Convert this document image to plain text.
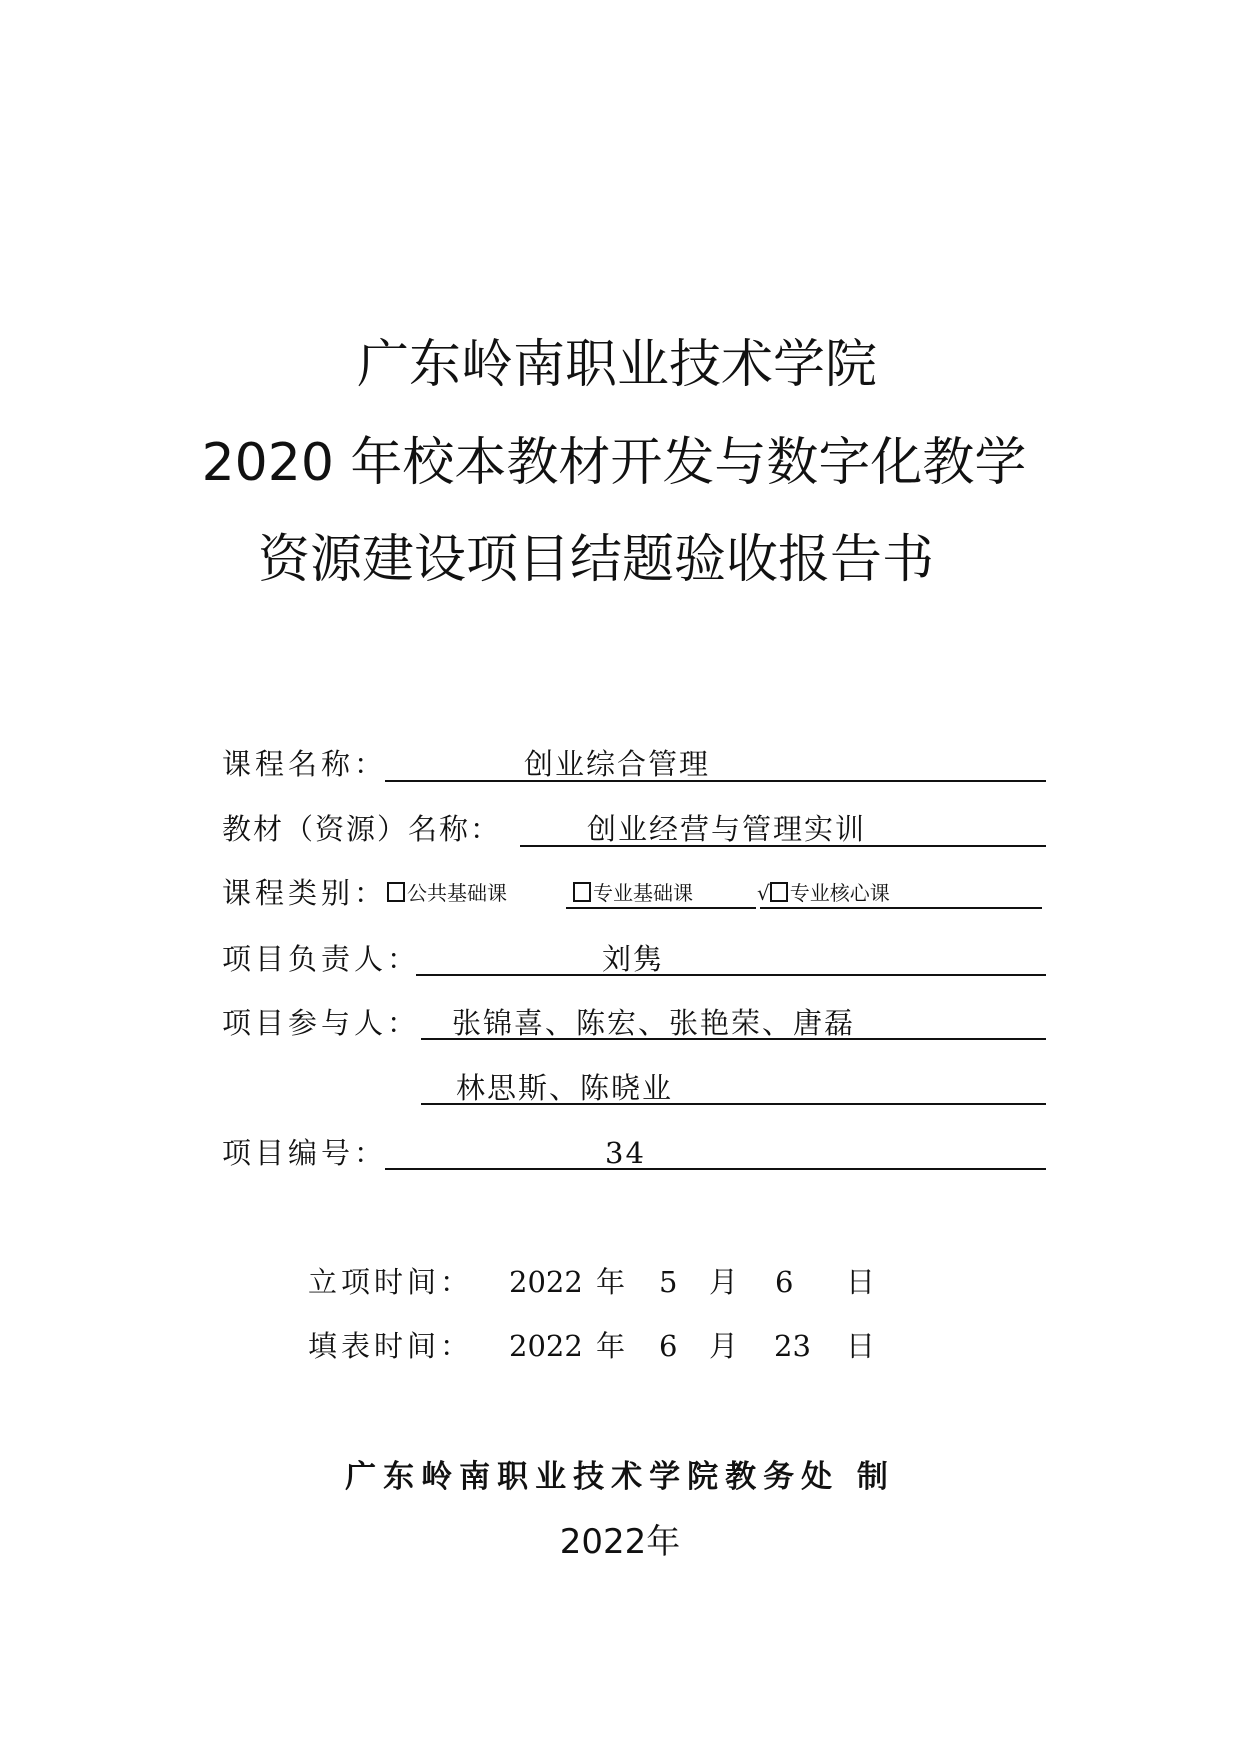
广东岭南职业技术学院
2020 年校本教材开发与数字化教学
资源建设项目结题验收报告书
课程名称：	创业综合管理
教材（资源）名称：	创业经营与管理实训
课程类别： 公共基础课	专业基础课	√ 专业核心课
项目负责人：	刘隽
项目参与人： 张锦喜、陈宏、张艳荣、唐磊
林思斯、陈晓业
项目编号：	34
立项时间： 2022 年 5 月 6 日
填表时间： 2022 年 6 月 23 日
广东岭南职业技术学院教务处 制
2022年
